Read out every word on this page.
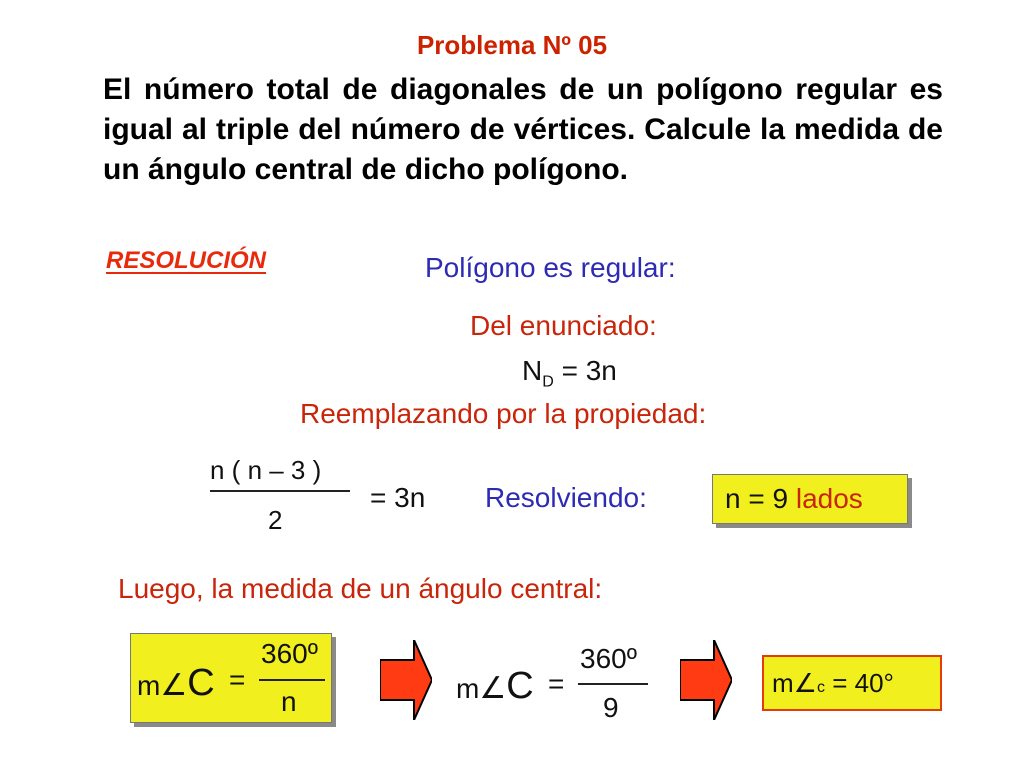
Problema Nº 05
El número total de diagonales de un polígono regular es igual al triple del número de vértices. Calcule la medida de un ángulo central de dicho polígono.
RESOLUCIÓN	Polígono es regular:
Del enunciado:
$N_D = 3n$
Reemplazando por la propiedad:
n ( n – 3 )
2
= 3n Resolviendo:	n = 9 lados
Luego, la medida de un ángulo central:
m∠C =
360º
n	m∠C =
360º
9
m∠c = 40°
